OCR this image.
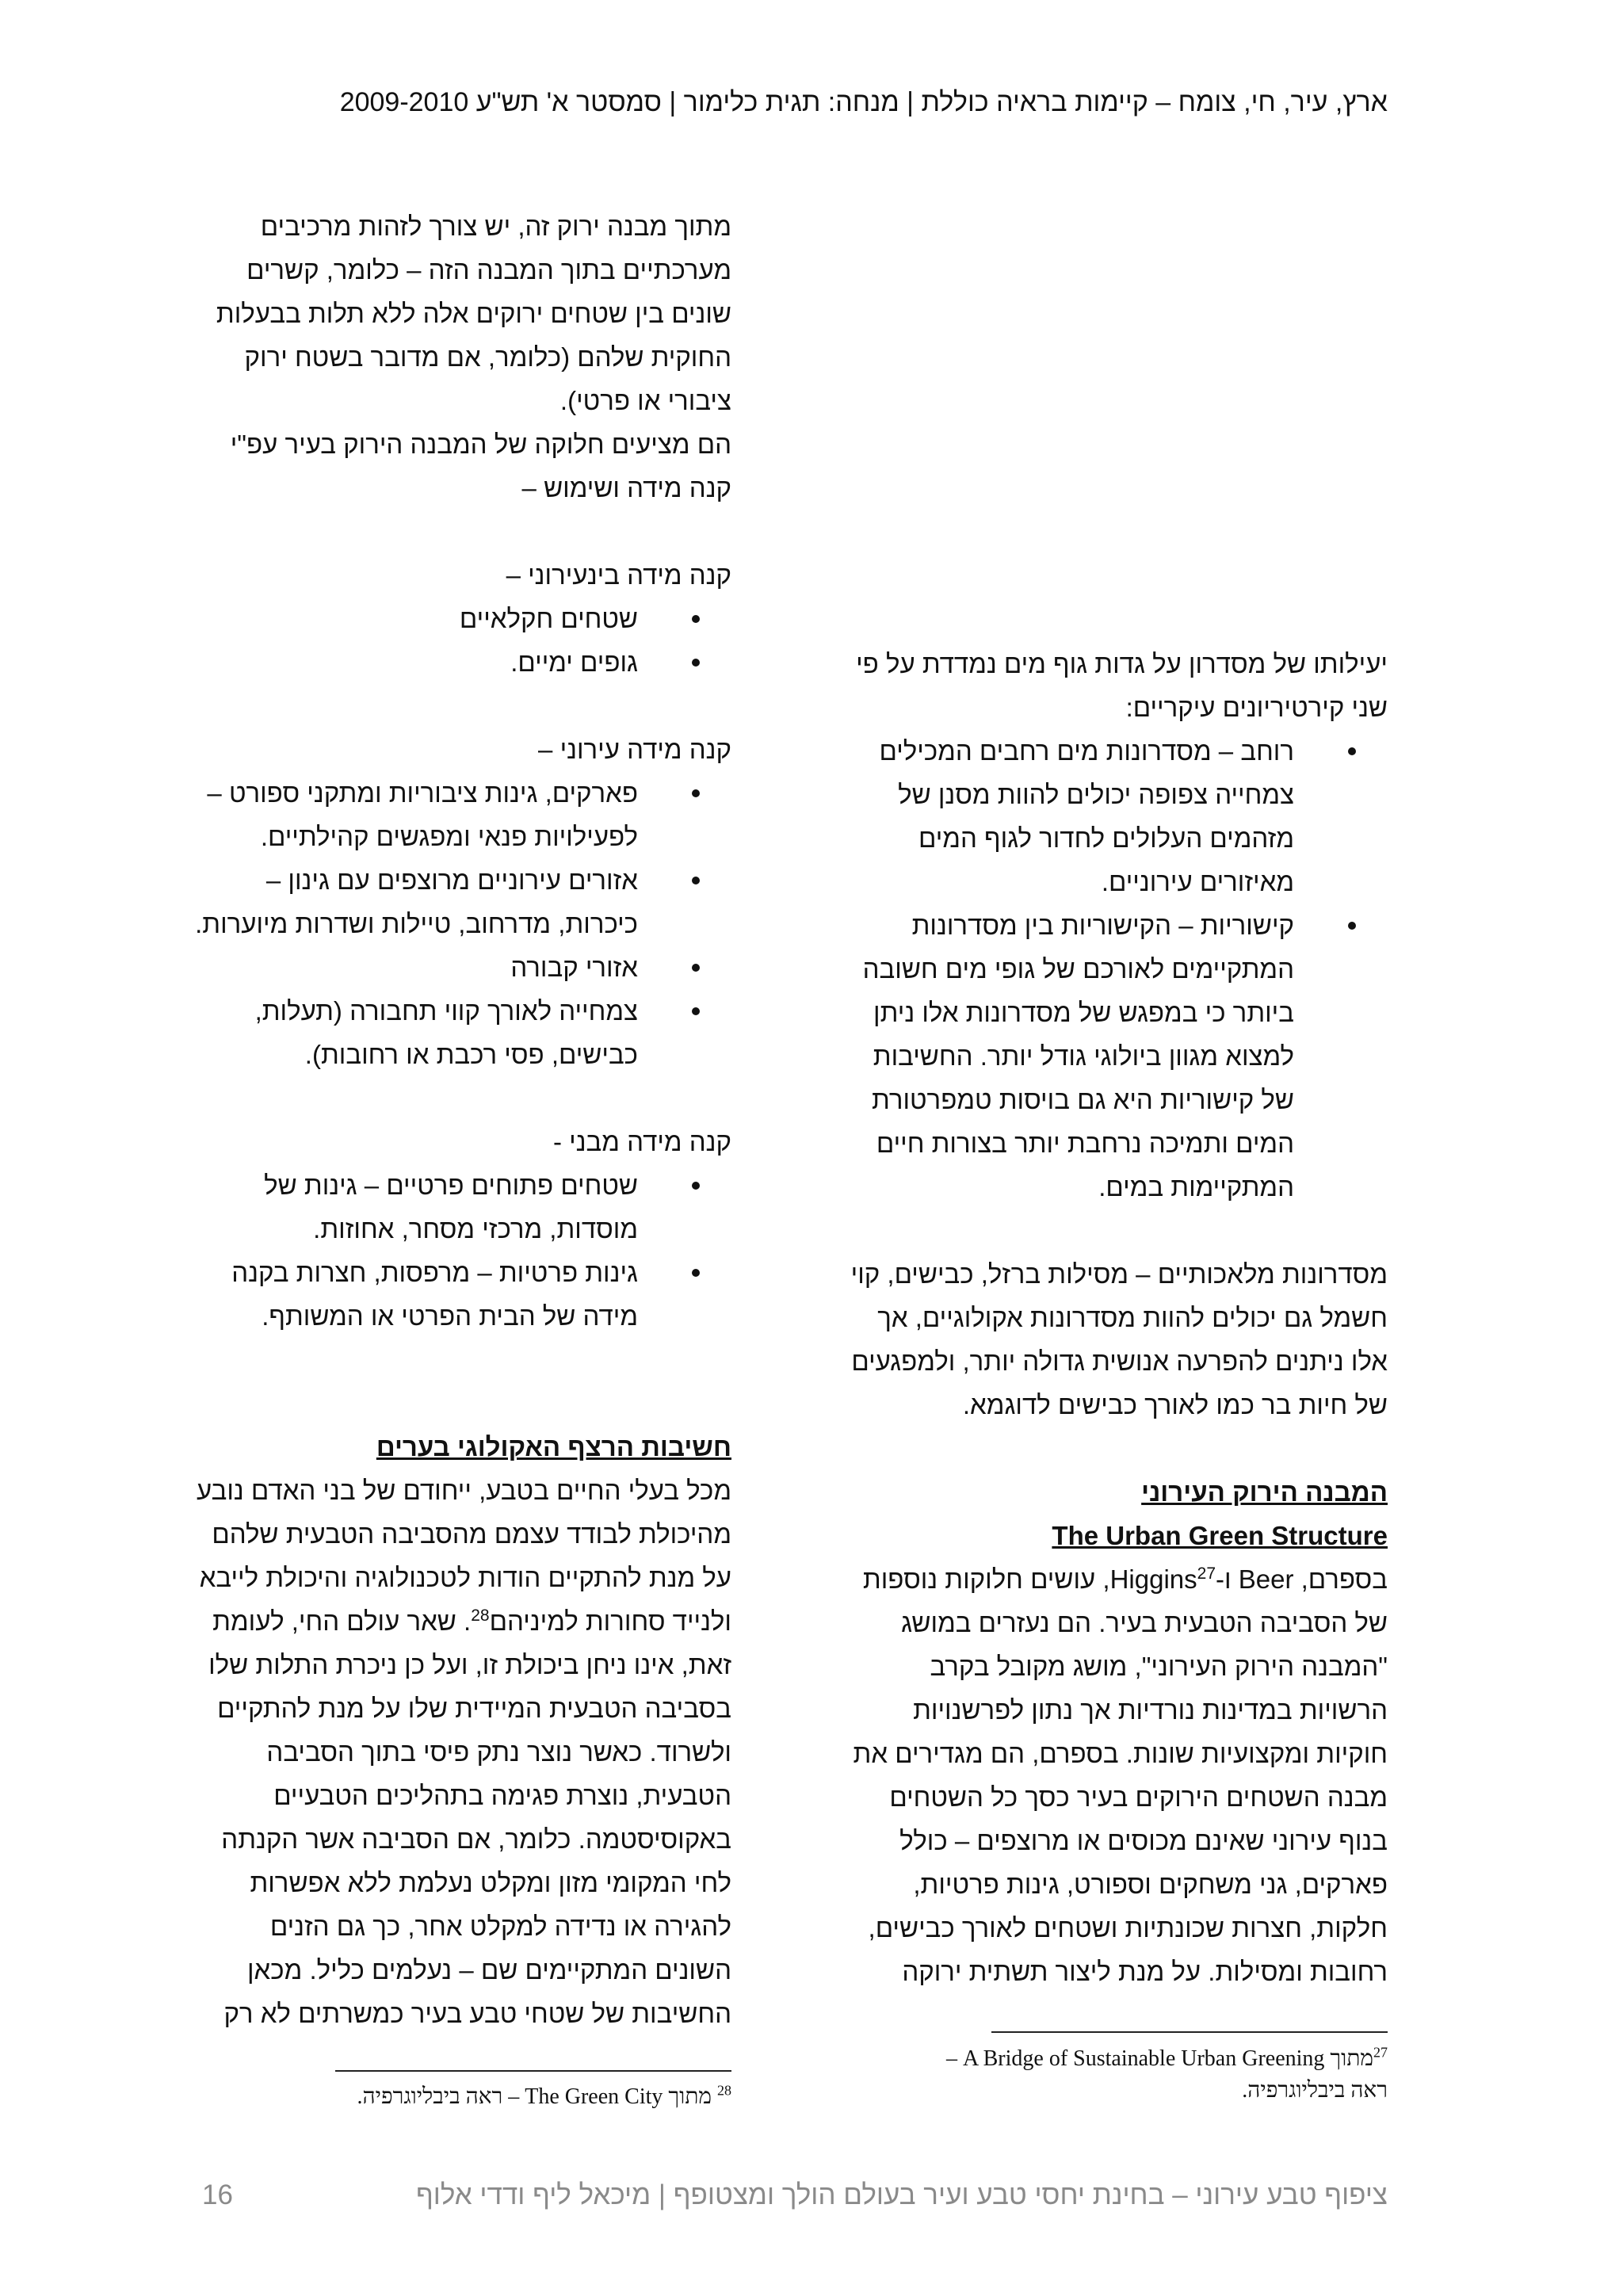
ארץ, עיר, חי, צומח – קיימות בראיה כוללת | מנחה: תגית כלימור | סמסטר א' תש"ע 2009-2010

יעילותו של מסדרון על גדות גוף מים נמדדת על פי

שני קירטיריונים עיקריים:

רוחב – מסדרונות מים רחבים המכילים
צמחייה צפופה יכולים להוות מסנן של
מזהמים העלולים לחדור לגוף המים
מאיזורים עירוניים.
קישוריות – הקישוריות בין מסדרונות
המתקיימים לאורכם של גופי מים חשובה
ביותר כי במפגש של מסדרונות אלו ניתן
למצוא מגוון ביולוגי גודל יותר. החשיבות
של קישוריות היא גם בויסות טמפרטורת
המים ותמיכה נרחבת יותר בצורות חיים
המתקיימות במים.

מסדרונות מלאכותיים – מסילות ברזל, כבישים, קוי

חשמל גם יכולים להוות מסדרונות אקולוגיים, אך

אלו ניתנים להפרעה אנושית גדולה יותר, ולמפגעים

של חיות בר כמו לאורך כבישים לדוגמא.

המבנה הירוק העירוני

The Urban Green Structure

בספרם, Beer ו-Higgins$^{27}$, עושים חלוקות נוספות

של הסביבה הטבעית בעיר. הם נעזרים במושג

"המבנה הירוק העירוני", מושג מקובל בקרב

הרשויות במדינות נורדיות אך נתון לפרשנויות

חוקיות ומקצועיות שונות. בספרם, הם מגדירים את

מבנה השטחים הירוקים בעיר כסך כל השטחים

בנוף עירוני שאינם מכוסים או מרוצפים – כולל

פארקים, גני משחקים וספורט, גינות פרטיות,

חלקות, חצרות שכונתיות ושטחים לאורך כבישים,

רחובות ומסילות. על מנת ליצור תשתית ירוקה

$^{27}$מתוך A Bridge of Sustainable Urban Greening –
ראה ביבליוגרפיה.

מתוך מבנה ירוק זה, יש צורך לזהות מרכיבים

מערכתיים בתוך המבנה הזה – כלומר, קשרים

שונים בין שטחים ירוקים אלה ללא תלות בבעלות

החוקית שלהם (כלומר, אם מדובר בשטח ירוק

ציבורי או פרטי).

הם מציעים חלוקה של המבנה הירוק בעיר עפ"י

קנה מידה ושימוש –

קנה מידה בינעירוני –

שטחים חקלאיים
גופים ימיים.

קנה מידה עירוני –

פארקים, גינות ציבוריות ומתקני ספורט –
לפעילויות פנאי ומפגשים קהילתיים.
אזורים עירוניים מרוצפים עם גינון –
כיכרות, מדרחוב, טיילות ושדרות מיוערות.
אזורי קבורה
צמחייה לאורך קווי תחבורה (תעלות,
כבישים, פסי רכבת או רחובות).

קנה מידה מבני -

שטחים פתוחים פרטיים – גינות של
מוסדות, מרכזי מסחר, אחוזות.
גינות פרטיות – מרפסות, חצרות בקנה
מידה של הבית הפרטי או המשותף.

חשיבות הרצף האקולוגי בערים

מכל בעלי החיים בטבע, ייחודם של בני האדם נובע

מהיכולת לבודד עצמם מהסביבה הטבעית שלהם

על מנת להתקיים הודות לטכנולוגיה והיכולת לייבא

ולנייד סחורות למיניהם$^{28}$. שאר עולם החי, לעומת

זאת, אינו ניחן ביכולת זו, ועל כן ניכרת התלות שלו

בסביבה הטבעית המיידית שלו על מנת להתקיים

ולשרוד. כאשר נוצר נתק פיסי בתוך הסביבה

הטבעית, נוצרת פגימה בתהליכים הטבעיים

באקוסיסטמה. כלומר, אם הסביבה אשר הקנתה

לחי המקומי מזון ומקלט נעלמת ללא אפשרות

להגירה או נדידה למקלט אחר, כך גם הזנים

השונים המתקיימים שם – נעלמים כליל. מכאן

החשיבות של שטחי טבע בעיר כמשרתים לא רק

$^{28}$ מתוך The Green City – ראה ביבליוגרפיה.
ציפוף טבע עירוני – בחינת יחסי טבע ועיר בעולם הולך ומצטופף | מיכאל ליף ודדי אלוף
16
